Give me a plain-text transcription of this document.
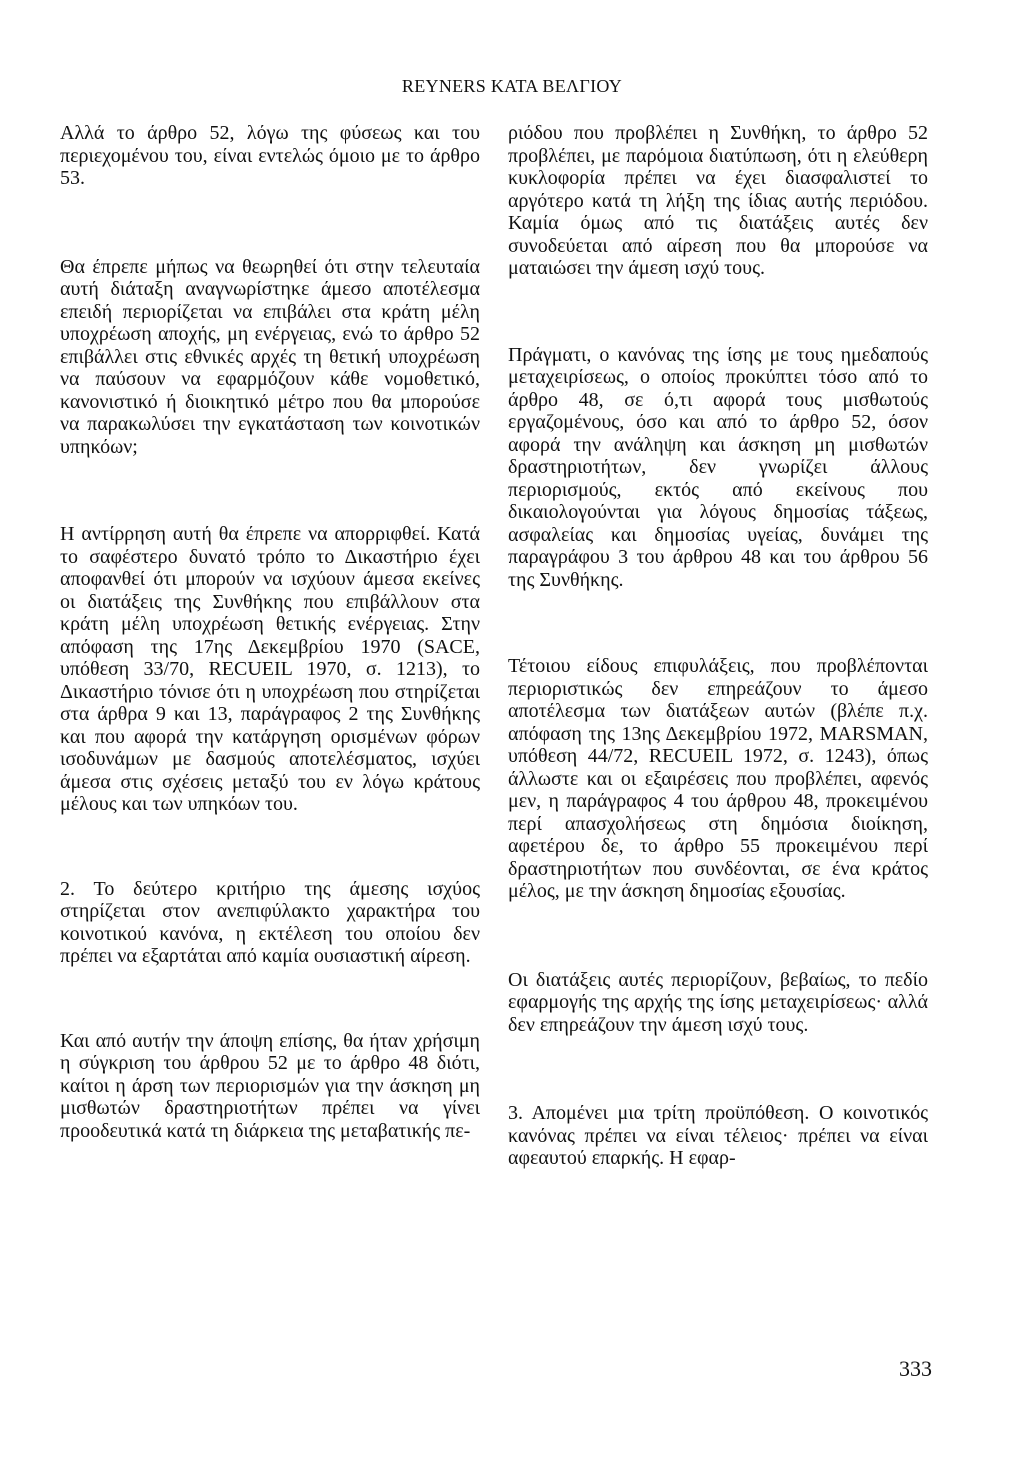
REYNERS ΚΑΤΑ ΒΕΛΓΙΟΥ

Αλλά το άρθρο 52, λόγω της φύσεως και του περιεχομένου του, είναι εντελώς όμοιο με το άρθρο 53.

Θα έπρεπε μήπως να θεωρηθεί ότι στην τελευταία αυτή διάταξη αναγνωρίστηκε άμεσο αποτέλεσμα επειδή περιορίζεται να επιβάλει στα κράτη μέλη υποχρέωση αποχής, μη ενέργειας, ενώ το άρθρο 52 επιβάλλει στις εθνικές αρχές τη θετική υποχρέωση να παύσουν να εφαρμόζουν κάθε νομοθετικό, κανονιστικό ή διοικητικό μέτρο που θα μπορούσε να παρακωλύσει την εγκατάσταση των κοινοτικών υπηκόων;

Η αντίρρηση αυτή θα έπρεπε να απορριφθεί. Κατά το σαφέστερο δυνατό τρόπο το Δικαστήριο έχει αποφανθεί ότι μπορούν να ισχύουν άμεσα εκείνες οι διατάξεις της Συνθήκης που επιβάλλουν στα κράτη μέλη υποχρέωση θετικής ενέργειας. Στην απόφαση της 17ης Δεκεμβρίου 1970 (SACE, υπόθεση 33/70, RECUEIL 1970, σ. 1213), το Δικαστήριο τόνισε ότι η υποχρέωση που στηρίζεται στα άρθρα 9 και 13, παράγραφος 2 της Συνθήκης και που αφορά την κατάργηση ορισμένων φόρων ισοδυνάμων με δασμούς αποτελέσματος, ισχύει άμεσα στις σχέσεις μεταξύ του εν λόγω κράτους μέλους και των υπηκόων του.

2. Το δεύτερο κριτήριο της άμεσης ισχύος στηρίζεται στον ανεπιφύλακτο χαρακτήρα του κοινοτικού κανόνα, η εκτέλεση του οποίου δεν πρέπει να εξαρτάται από καμία ουσιαστική αίρεση.

Και από αυτήν την άποψη επίσης, θα ήταν χρήσιμη η σύγκριση του άρθρου 52 με το άρθρο 48 διότι, καίτοι η άρση των περιορισμών για την άσκηση μη μισθωτών δραστηριοτήτων πρέπει να γίνει προοδευτικά κατά τη διάρκεια της μεταβατικής πε-

ριόδου που προβλέπει η Συνθήκη, το άρθρο 52 προβλέπει, με παρόμοια διατύπωση, ότι η ελεύθερη κυκλοφορία πρέπει να έχει διασφαλιστεί το αργότερο κατά τη λήξη της ίδιας αυτής περιόδου. Καμία όμως από τις διατάξεις αυτές δεν συνοδεύεται από αίρεση που θα μπορούσε να ματαιώσει την άμεση ισχύ τους.

Πράγματι, ο κανόνας της ίσης με τους ημεδαπούς μεταχειρίσεως, ο οποίος προκύπτει τόσο από το άρθρο 48, σε ό,τι αφορά τους μισθωτούς εργαζομένους, όσο και από το άρθρο 52, όσον αφορά την ανάληψη και άσκηση μη μισθωτών δραστηριοτήτων, δεν γνωρίζει άλλους περιορισμούς, εκτός από εκείνους που δικαιολογούνται για λόγους δημοσίας τάξεως, ασφαλείας και δημοσίας υγείας, δυνάμει της παραγράφου 3 του άρθρου 48 και του άρθρου 56 της Συνθήκης.

Τέτοιου είδους επιφυλάξεις, που προβλέπονται περιοριστικώς δεν επηρεάζουν το άμεσο αποτέλεσμα των διατάξεων αυτών (βλέπε π.χ. απόφαση της 13ης Δεκεμβρίου 1972, MARSMAN, υπόθεση 44/72, RECUEIL 1972, σ. 1243), όπως άλλωστε και οι εξαιρέσεις που προβλέπει, αφενός μεν, η παράγραφος 4 του άρθρου 48, προκειμένου περί απασχολήσεως στη δημόσια διοίκηση, αφετέρου δε, το άρθρο 55 προκειμένου περί δραστηριοτήτων που συνδέονται, σε ένα κράτος μέλος, με την άσκηση δημοσίας εξουσίας.

Οι διατάξεις αυτές περιορίζουν, βεβαίως, το πεδίο εφαρμογής της αρχής της ίσης μεταχειρίσεως· αλλά δεν επηρεάζουν την άμεση ισχύ τους.

3. Απομένει μια τρίτη προϋπόθεση. Ο κοινοτικός κανόνας πρέπει να είναι τέλειος· πρέπει να είναι αφεαυτού επαρκής. Η εφαρ-

333
